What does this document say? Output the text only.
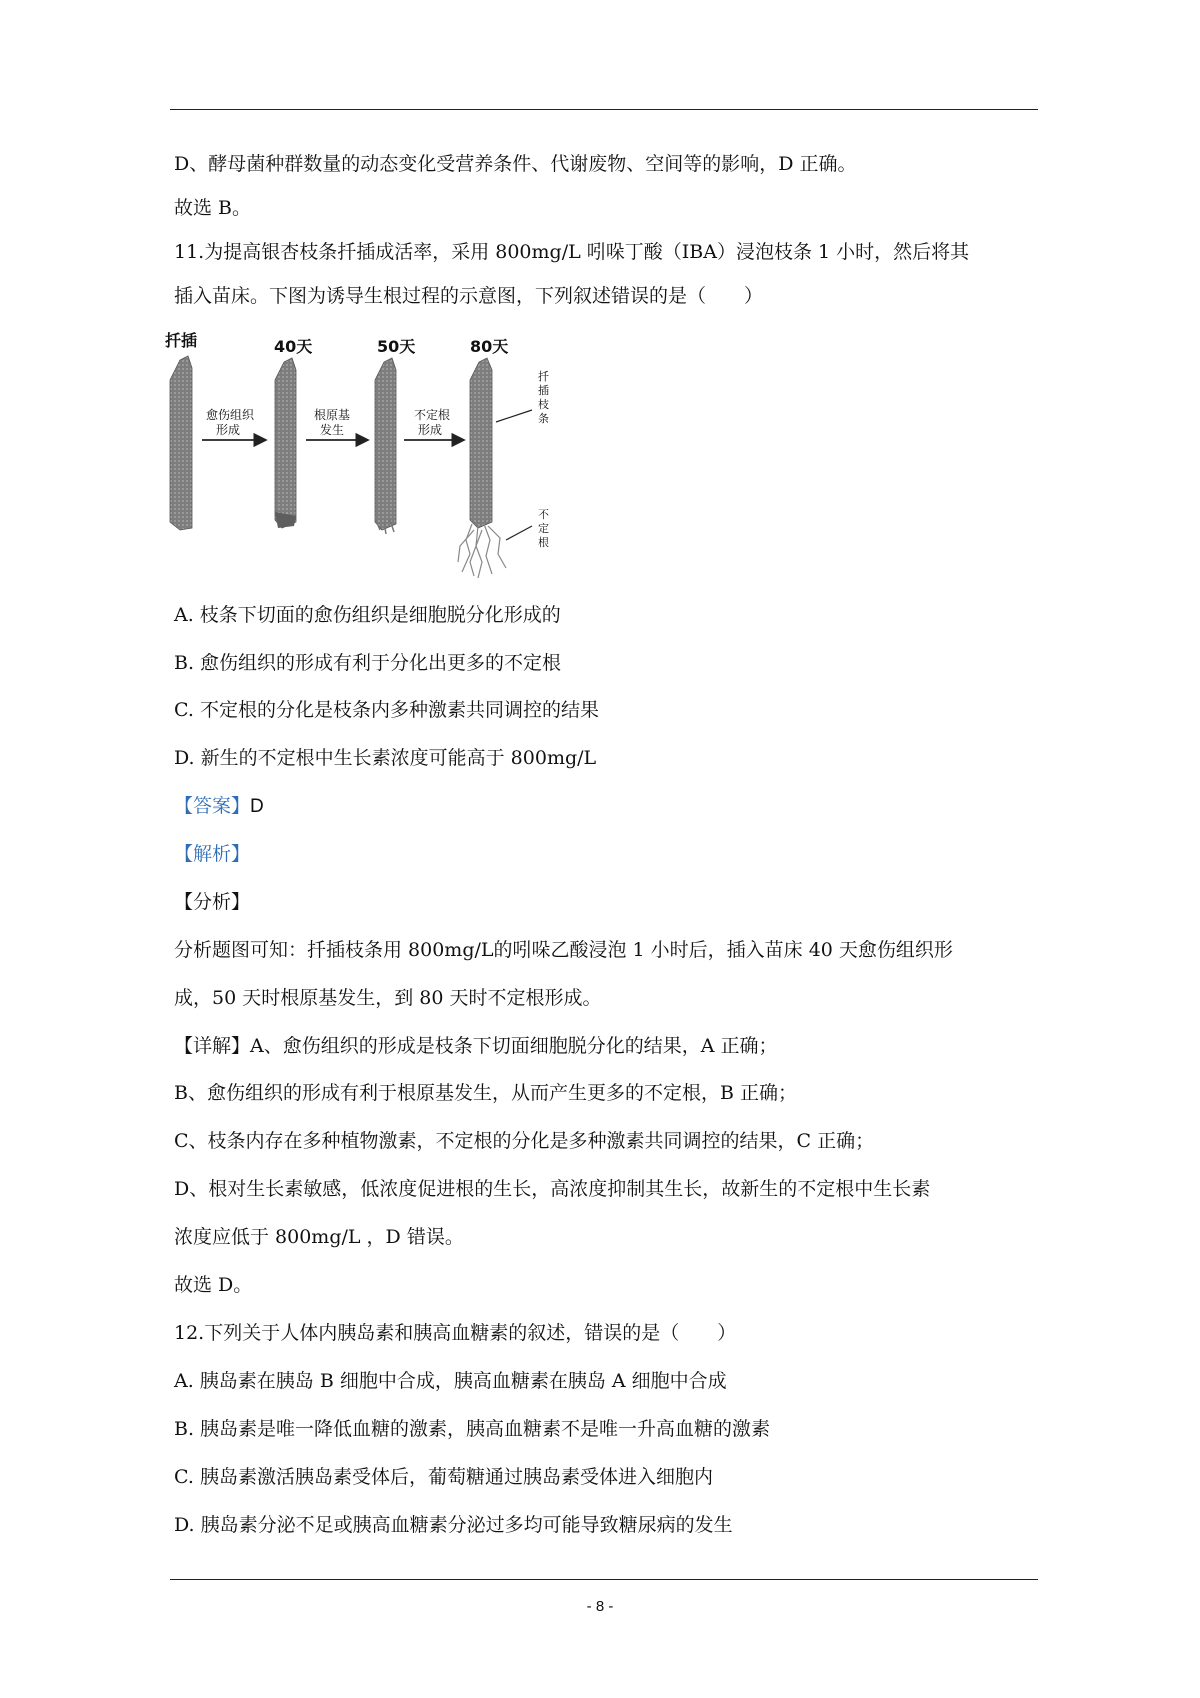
D、酵母菌种群数量的动态变化受营养条件、代谢废物、空间等的影响，D 正确。
故选 B。
11.为提高银杏枝条扦插成活率，采用 800mg/L 吲哚丁酸（IBA）浸泡枝条 1 小时，然后将其
插入苗床。下图为诱导生根过程的示意图，下列叙述错误的是（　　）
扦插	40天	50天	80天
愈伤组织
形成
根原基
发生
不定根
形成
扦
插
枝
条
不
定
根
A. 枝条下切面的愈伤组织是细胞脱分化形成的
B. 愈伤组织的形成有利于分化出更多的不定根
C. 不定根的分化是枝条内多种激素共同调控的结果
D. 新生的不定根中生长素浓度可能高于 800mg/L
【答案】D
【解析】
【分析】
分析题图可知：扦插枝条用 800mg/L的吲哚乙酸浸泡 1 小时后，插入苗床 40 天愈伤组织形
成，50 天时根原基发生，到 80 天时不定根形成。
【详解】A、愈伤组织的形成是枝条下切面细胞脱分化的结果，A 正确；
B、愈伤组织的形成有利于根原基发生，从而产生更多的不定根，B 正确；
C、枝条内存在多种植物激素，不定根的分化是多种激素共同调控的结果，C 正确；
D、根对生长素敏感，低浓度促进根的生长，高浓度抑制其生长，故新生的不定根中生长素
浓度应低于 800mg/L ，D 错误。
故选 D。
12.下列关于人体内胰岛素和胰高血糖素的叙述，错误的是（　　）
A. 胰岛素在胰岛 B 细胞中合成，胰高血糖素在胰岛 A 细胞中合成
B. 胰岛素是唯一降低血糖的激素，胰高血糖素不是唯一升高血糖的激素
C. 胰岛素激活胰岛素受体后，葡萄糖通过胰岛素受体进入细胞内
D. 胰岛素分泌不足或胰高血糖素分泌过多均可能导致糖尿病的发生
- 8 -
